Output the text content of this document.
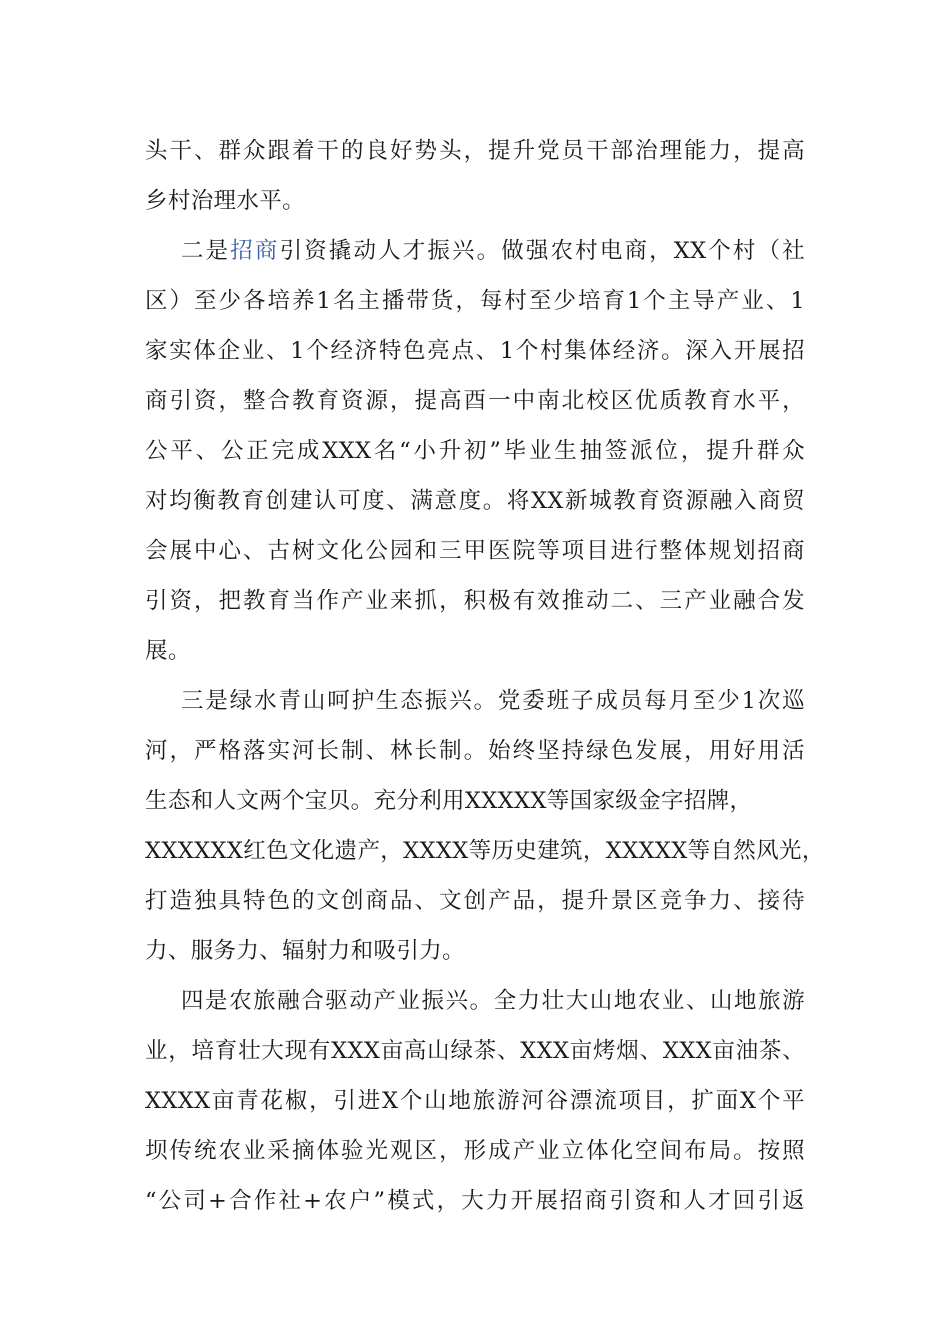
头干、群众跟着干的良好势头，提升党员干部治理能力，提高
乡村治理水平。
二是招商引资撬动人才振兴。做强农村电商，XX个村（社
区）至少各培养1名主播带货，每村至少培育1个主导产业、1
家实体企业、1个经济特色亮点、1个村集体经济。深入开展招
商引资，整合教育资源，提高酉一中南北校区优质教育水平，
公平、公正完成XXX名“小升初”毕业生抽签派位，提升群众
对均衡教育创建认可度、满意度。将XX新城教育资源融入商贸
会展中心、古树文化公园和三甲医院等项目进行整体规划招商
引资，把教育当作产业来抓，积极有效推动二、三产业融合发
展。
三是绿水青山呵护生态振兴。党委班子成员每月至少1次巡
河，严格落实河长制、林长制。始终坚持绿色发展，用好用活
生态和人文两个宝贝。充分利用XXXXX等国家级金字招牌，
XXXXXX红色文化遗产，XXXX等历史建筑，XXXXX等自然风光，
打造独具特色的文创商品、文创产品，提升景区竞争力、接待
力、服务力、辐射力和吸引力。
四是农旅融合驱动产业振兴。全力壮大山地农业、山地旅游
业，培育壮大现有XXX亩高山绿茶、XXX亩烤烟、XXX亩油茶、
XXXX亩青花椒，引进X个山地旅游河谷漂流项目，扩面X个平
坝传统农业采摘体验光观区，形成产业立体化空间布局。按照
“公司+合作社+农户”模式，大力开展招商引资和人才回引返
